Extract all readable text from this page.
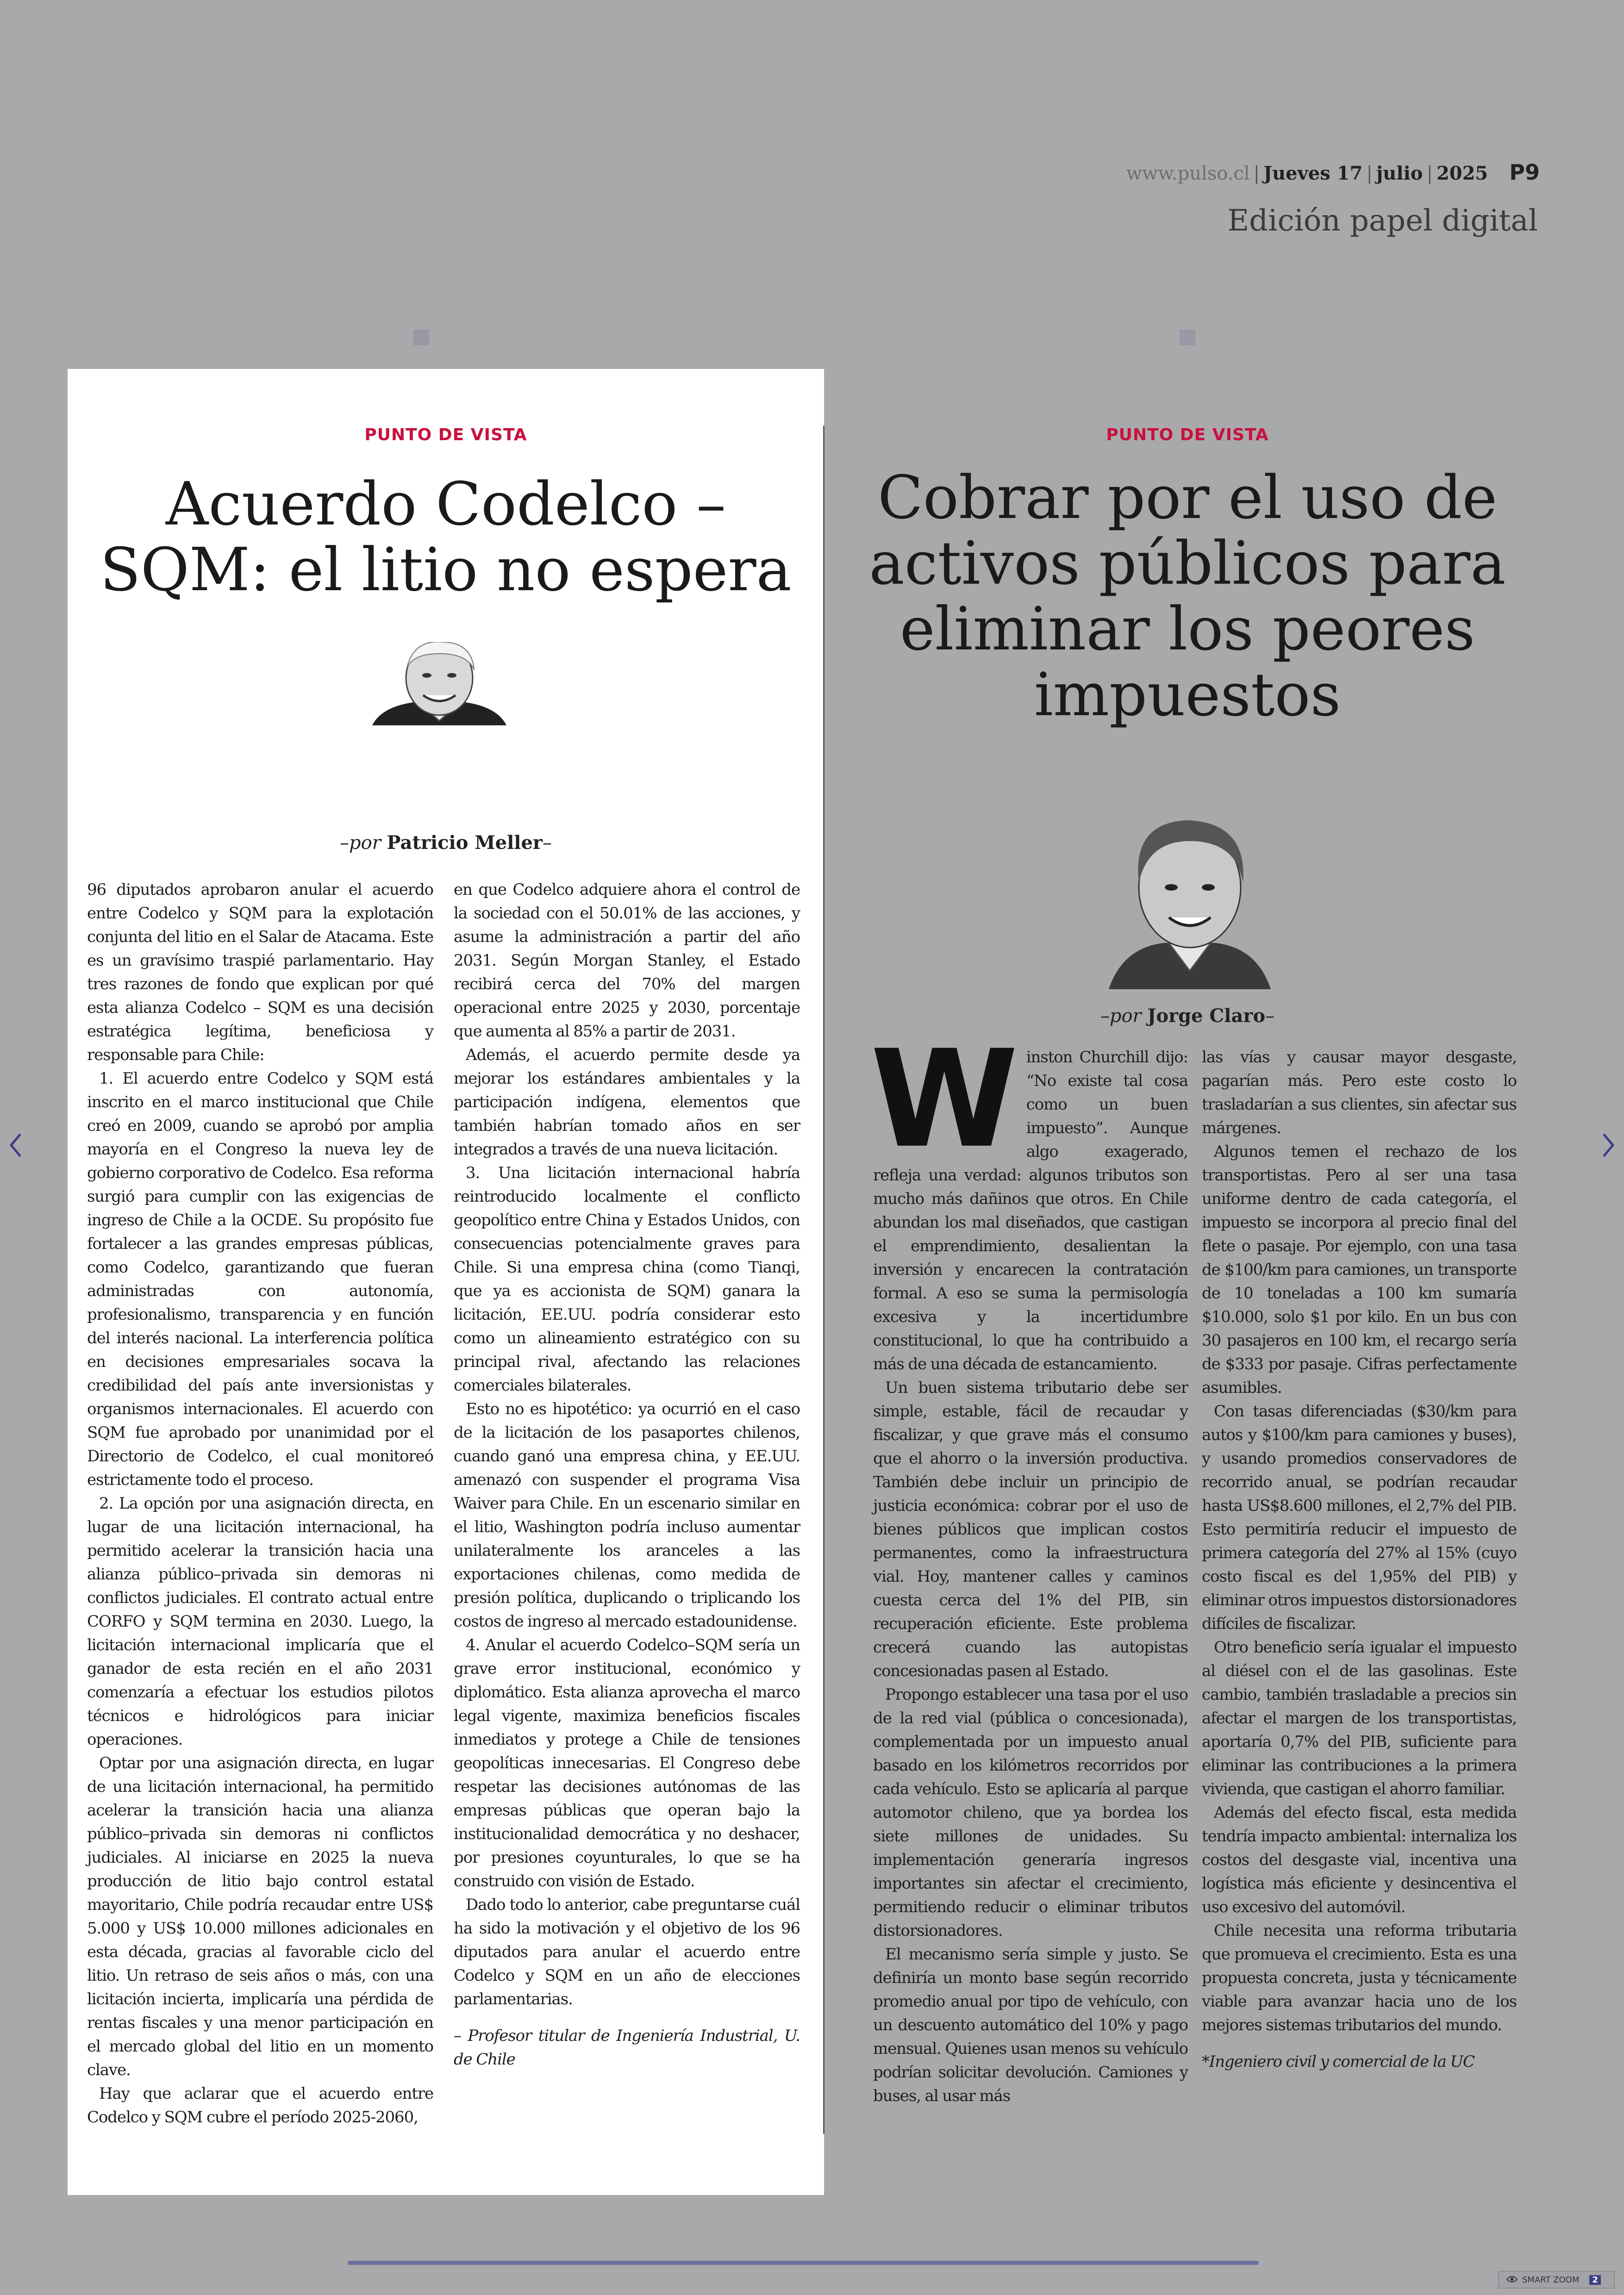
www.pulso.cl | Jueves 17 | julio | 2025 P9
Edición papel digital
PUNTO DE VISTA
Acuerdo Codelco –
SQM: el litio no espera
–por Patricio Meller–

96 diputados aprobaron anular el acuerdo entre Codelco y SQM para la explotación conjunta del litio en el Salar de Atacama. Este es un gravísimo traspié parlamentario. Hay tres razones de fondo que explican por qué esta alianza Codelco – SQM es una decisión estratégica legítima, beneficiosa y responsable para Chile:

1. El acuerdo entre Codelco y SQM está inscrito en el marco institucional que Chile creó en 2009, cuando se aprobó por amplia mayoría en el Congreso la nueva ley de gobierno corporativo de Codelco. Esa reforma surgió para cumplir con las exigencias de ingreso de Chile a la OCDE. Su propósito fue fortalecer a las grandes empresas públicas, como Codelco, garantizando que fueran administradas con autonomía, profesionalismo, transparencia y en función del interés nacional. La interferencia política en decisiones empresariales socava la credibilidad del país ante inversionistas y organismos internacionales. El acuerdo con SQM fue aprobado por unanimidad por el Directorio de Codelco, el cual monitoreó estrictamente todo el proceso.

2. La opción por una asignación directa, en lugar de una licitación internacional, ha permitido acelerar la transición hacia una alianza público–privada sin demoras ni conflictos judiciales. El contrato actual entre CORFO y SQM termina en 2030. Luego, la licitación internacional implicaría que el ganador de esta recién en el año 2031 comenzaría a efectuar los estudios pilotos técnicos e hidrológicos para iniciar operaciones.

Optar por una asignación directa, en lugar de una licitación internacional, ha permitido acelerar la transición hacia una alianza público–privada sin demoras ni conflictos judiciales. Al iniciarse en 2025 la nueva producción de litio bajo control estatal mayoritario, Chile podría recaudar entre US$ 5.000 y US$ 10.000 millones adicionales en esta década, gracias al favorable ciclo del litio. Un retraso de seis años o más, con una licitación incierta, implicaría una pérdida de rentas fiscales y una menor participación en el mercado global del litio en un momento clave.

Hay que aclarar que el acuerdo entre Codelco y SQM cubre el período 2025-2060,

en que Codelco adquiere ahora el control de la sociedad con el 50.01% de las acciones, y asume la administración a partir del año 2031. Según Morgan Stanley, el Estado recibirá cerca del 70% del margen operacional entre 2025 y 2030, porcentaje que aumenta al 85% a partir de 2031.

Además, el acuerdo permite desde ya mejorar los estándares ambientales y la participación indígena, elementos que también habrían tomado años en ser integrados a través de una nueva licitación.

3. Una licitación internacional habría reintroducido localmente el conflicto geopolítico entre China y Estados Unidos, con consecuencias potencialmente graves para Chile. Si una empresa china (como Tianqi, que ya es accionista de SQM) ganara la licitación, EE.UU. podría considerar esto como un alineamiento estratégico con su principal rival, afectando las relaciones comerciales bilaterales.

Esto no es hipotético: ya ocurrió en el caso de la licitación de los pasaportes chilenos, cuando ganó una empresa china, y EE.UU. amenazó con suspender el programa Visa Waiver para Chile. En un escenario similar en el litio, Washington podría incluso aumentar unilateralmente los aranceles a las exportaciones chilenas, como medida de presión política, duplicando o triplicando los costos de ingreso al mercado estadounidense.

4. Anular el acuerdo Codelco–SQM sería un grave error institucional, económico y diplomático. Esta alianza aprovecha el marco legal vigente, maximiza beneficios fiscales inmediatos y protege a Chile de tensiones geopolíticas innecesarias. El Congreso debe respetar las decisiones autónomas de las empresas públicas que operan bajo la institucionalidad democrática y no deshacer, por presiones coyunturales, lo que se ha construido con visión de Estado.

Dado todo lo anterior, cabe preguntarse cuál ha sido la motivación y el objetivo de los 96 diputados para anular el acuerdo entre Codelco y SQM en un año de elecciones parlamentarias.

– Profesor titular de Ingeniería Industrial, U. de Chile

PUNTO DE VISTA
Cobrar por el uso de
activos públicos para
eliminar los peores
impuestos
–por Jorge Claro–

Winston Churchill dijo: “No existe tal cosa como un buen impuesto”. Aunque algo exagerado, refleja una verdad: algunos tributos son mucho más dañinos que otros. En Chile abundan los mal diseñados, que castigan el emprendimiento, desalientan la inversión y encarecen la contratación formal. A eso se suma la permisología excesiva y la incertidumbre constitucional, lo que ha contribuido a más de una década de estancamiento.

Un buen sistema tributario debe ser simple, estable, fácil de recaudar y fiscalizar, y que grave más el consumo que el ahorro o la inversión productiva. También debe incluir un principio de justicia económica: cobrar por el uso de bienes públicos que implican costos permanentes, como la infraestructura vial. Hoy, mantener calles y caminos cuesta cerca del 1% del PIB, sin recuperación eficiente. Este problema crecerá cuando las autopistas concesionadas pasen al Estado.

Propongo establecer una tasa por el uso de la red vial (pública o concesionada), complementada por un impuesto anual basado en los kilómetros recorridos por cada vehículo. Esto se aplicaría al parque automotor chileno, que ya bordea los siete millones de unidades. Su implementación generaría ingresos importantes sin afectar el crecimiento, permitiendo reducir o eliminar tributos distorsionadores.

El mecanismo sería simple y justo. Se definiría un monto base según recorrido promedio anual por tipo de vehículo, con un descuento automático del 10% y pago mensual. Quienes usan menos su vehículo podrían solicitar devolución. Camiones y buses, al usar más

las vías y causar mayor desgaste, pagarían más. Pero este costo lo trasladarían a sus clientes, sin afectar sus márgenes.

Algunos temen el rechazo de los transportistas. Pero al ser una tasa uniforme dentro de cada categoría, el impuesto se incorpora al precio final del flete o pasaje. Por ejemplo, con una tasa de $100/km para camiones, un transporte de 10 toneladas a 100 km sumaría $10.000, solo $1 por kilo. En un bus con 30 pasajeros en 100 km, el recargo sería de $333 por pasaje. Cifras perfectamente asumibles.

Con tasas diferenciadas ($30/km para autos y $100/km para camiones y buses), y usando promedios conservadores de recorrido anual, se podrían recaudar hasta US$8.600 millones, el 2,7% del PIB. Esto permitiría reducir el impuesto de primera categoría del 27% al 15% (cuyo costo fiscal es del 1,95% del PIB) y eliminar otros impuestos distorsionadores difíciles de fiscalizar.

Otro beneficio sería igualar el impuesto al diésel con el de las gasolinas. Este cambio, también trasladable a precios sin afectar el margen de los transportistas, aportaría 0,7% del PIB, suficiente para eliminar las contribuciones a la primera vivienda, que castigan el ahorro familiar.

Además del efecto fiscal, esta medida tendría impacto ambiental: internaliza los costos del desgaste vial, incentiva una logística más eficiente y desincentiva el uso excesivo del automóvil.

Chile necesita una reforma tributaria que promueva el crecimiento. Esta es una propuesta concreta, justa y técnicamente viable para avanzar hacia uno de los mejores sistemas tributarios del mundo.

*Ingeniero civil y comercial de la UC

SMART ZOOM	2
